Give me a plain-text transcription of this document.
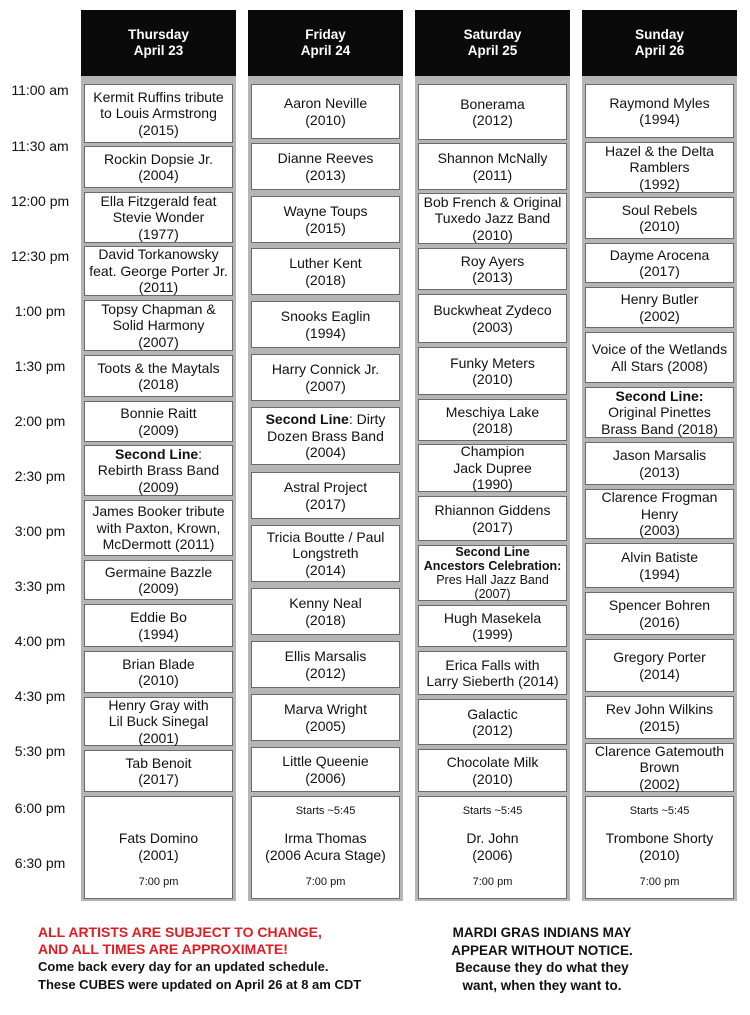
11:00 am
11:30 am
12:00 pm
12:30 pm
1:00 pm
1:30 pm
2:00 pm
2:30 pm
3:00 pm
3:30 pm
4:00 pm
4:30 pm
5:30 pm
6:00 pm
6:30 pm
Thursday
April 23
Kermit Ruffins tribute
to Louis Armstrong
(2015)
Rockin Dopsie Jr.
(2004)
Ella Fitzgerald feat
Stevie Wonder
(1977)
David Torkanowsky
feat. George Porter Jr.
(2011)
Topsy Chapman &
Solid Harmony
(2007)
Toots & the Maytals
(2018)
Bonnie Raitt
(2009)
Second Line:
Rebirth Brass Band
(2009)
James Booker tribute
with Paxton, Krown,
McDermott (2011)
Germaine Bazzle
(2009)
Eddie Bo
(1994)
Brian Blade
(2010)
Henry Gray with
Lil Buck Sinegal
(2001)
Tab Benoit
(2017)

Fats Domino
(2001)
7:00 pm
Friday
April 24
Aaron Neville
(2010)
Dianne Reeves
(2013)
Wayne Toups
(2015)
Luther Kent
(2018)
Snooks Eaglin
(1994)
Harry Connick Jr.
(2007)
Second Line: Dirty
Dozen Brass Band
(2004)
Astral Project
(2017)
Tricia Boutte / Paul
Longstreth
(2014)
Kenny Neal
(2018)
Ellis Marsalis
(2012)
Marva Wright
(2005)
Little Queenie
(2006)
Starts ~5:45
Irma Thomas
(2006 Acura Stage)
7:00 pm
Saturday
April 25
Bonerama
(2012)
Shannon McNally
(2011)
Bob French & Original
Tuxedo Jazz Band
(2010)
Roy Ayers
(2013)
Buckwheat Zydeco
(2003)
Funky Meters
(2010)
Meschiya Lake
(2018)
Champion
Jack Dupree
(1990)
Rhiannon Giddens
(2017)
Second Line
Ancestors Celebration:
Pres Hall Jazz Band
(2007)
Hugh Masekela
(1999)
Erica Falls with
Larry Sieberth (2014)
Galactic
(2012)
Chocolate Milk
(2010)
Starts ~5:45
Dr. John
(2006)
7:00 pm
Sunday
April 26
Raymond Myles
(1994)
Hazel & the Delta
Ramblers
(1992)
Soul Rebels
(2010)
Dayme Arocena
(2017)
Henry Butler
(2002)
Voice of the Wetlands
All Stars (2008)
Second Line:
Original Pinettes
Brass Band (2018)
Jason Marsalis
(2013)
Clarence Frogman
Henry
(2003)
Alvin Batiste
(1994)
Spencer Bohren
(2016)
Gregory Porter
(2014)
Rev John Wilkins
(2015)
Clarence Gatemouth
Brown
(2002)
Starts ~5:45
Trombone Shorty
(2010)
7:00 pm
ALL ARTISTS ARE SUBJECT TO CHANGE,
AND ALL TIMES ARE APPROXIMATE!
Come back every day for an updated schedule.
These CUBES were updated on April 26 at 8 am CDT
MARDI GRAS INDIANS MAY
APPEAR WITHOUT NOTICE.
Because they do what they
want, when they want to.
